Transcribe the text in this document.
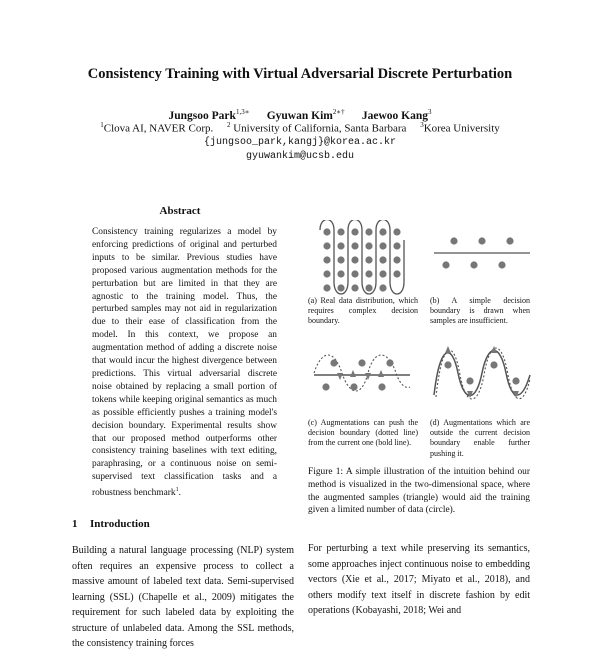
Consistency Training with Virtual Adversarial Discrete Perturbation
Jungsoo Park$^{1,3∗}$ Gyuwan Kim$^{2∗\dagger}$ Jaewoo Kang$^3$
$^1$Clova AI, NAVER Corp. $^2$ University of California, Santa Barbara $^3$Korea University
{jungsoo_park,kangj}@korea.ac.kr
gyuwankim@ucsb.edu
Abstract
Consistency training regularizes a model by enforcing predictions of original and perturbed inputs to be similar. Previous studies have proposed various augmentation methods for the perturbation but are limited in that they are agnostic to the training model. Thus, the perturbed samples may not aid in regularization due to their ease of classification from the model. In this context, we propose an augmentation method of adding a discrete noise that would incur the highest divergence between predictions. This virtual adversarial discrete noise obtained by replacing a small portion of tokens while keeping original semantics as much as possible efficiently pushes a training model's decision boundary. Experimental results show that our proposed method outperforms other consistency training baselines with text editing, paraphrasing, or a continuous noise on semi-supervised text classification tasks and a robustness benchmark$^1$.
1 Introduction
Building a natural language processing (NLP) system often requires an expensive process to collect a massive amount of labeled text data. Semi-supervised learning (SSL) (Chapelle et al., 2009) mitigates the requirement for such labeled data by exploiting the structure of unlabeled data. Among the SSL methods, the consistency training forces
(a) Real data distribution, which requires complex decision boundary.
(b) A simple decision boundary is drawn when samples are insufficient.
(c) Augmentations can push the decision boundary (dotted line) from the current one (bold line).
(d) Augmentations which are outside the current decision boundary enable further pushing it.
Figure 1: A simple illustration of the intuition behind our method is visualized in the two-dimensional space, where the augmented samples (triangle) would aid the training given a limited number of data (circle).
For perturbing a text while preserving its semantics, some approaches inject continuous noise to embedding vectors (Xie et al., 2017; Miyato et al., 2018), and others modify text itself in discrete fashion by edit operations (Kobayashi, 2018; Wei and
